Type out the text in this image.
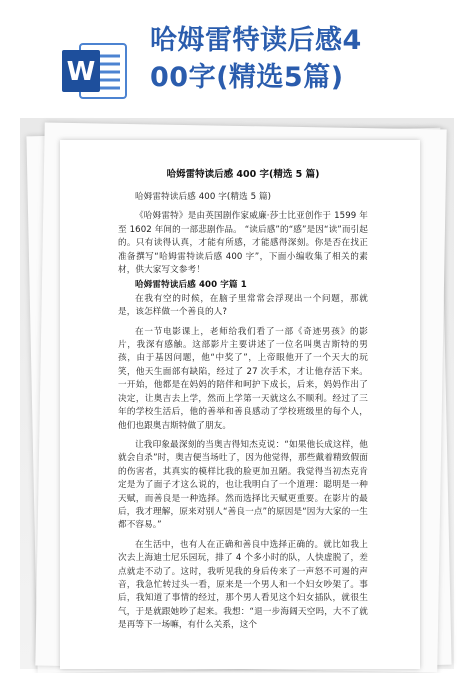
W
哈姆雷特读后感4
00字(精选5篇)
哈姆雷特读后感 400 字(精选 5 篇)

哈姆雷特读后感 400 字(精选 5 篇)

《哈姆雷特》是由英国剧作家威廉·莎士比亚创作于 1599 年至 1602 年间的一部悲剧作品。 “读后感”的“感”是因“读”而引起的。只有读得认真，才能有所感，才能感得深刻。你是否在找正准备撰写“哈姆雷特读后感 400 字”，下面小编收集了相关的素材，供大家写文参考！

哈姆雷特读后感 400 字篇 1

在我有空的时候，在脑子里常常会浮现出一个问题，那就是，该怎样做一个善良的人?

在一节电影课上，老师给我们看了一部《奇迹男孩》的影片，我深有感触。这部影片主要讲述了一位名叫奥吉斯特的男孩，由于基因问题，他“中奖了”，上帝眼他开了一个天大的玩笑，他天生面部有缺陷，经过了 27 次手术，才让他存活下来。一开始，他都是在妈妈的陪伴和呵护下成长，后来，妈妈作出了决定，让奥吉去上学，然而上学第一天就这么不顺利。经过了三年的学校生活后，他的善举和善良感动了学校班级里的每个人，他们也跟奥吉斯特做了朋友。

让我印象最深刻的当奥吉得知杰克说：“如果他长成这样，他就会自杀”时，奥吉便当场吐了，因为他觉得，那些戴着精致假面的伤害者，其真实的模样比我的脸更加丑陋。我觉得当初杰克肯定是为了面子才这么说的，也让我明白了一个道理：聪明是一种天赋，而善良是一种选择。然而选择比天赋更重要。在影片的最后，我才理解，原来对别人“善良一点”的原因是“因为大家的一生都不容易。”

在生活中，也有人在正确和善良中选择正确的。就比如我上次去上海迪士尼乐园玩，排了 4 个多小时的队，人快虚脱了，差点就走不动了。这时，我听见我的身后传来了一声怒不可遏的声音，我急忙转过头一看，原来是一个男人和一个妇女吵架了。事后，我知道了事情的经过，那个男人看见这个妇女插队，就很生气，于是就跟她吵了起来。我想：“退一步海阔天空吗，大不了就是再等下一场嘛，有什么关系，这个
